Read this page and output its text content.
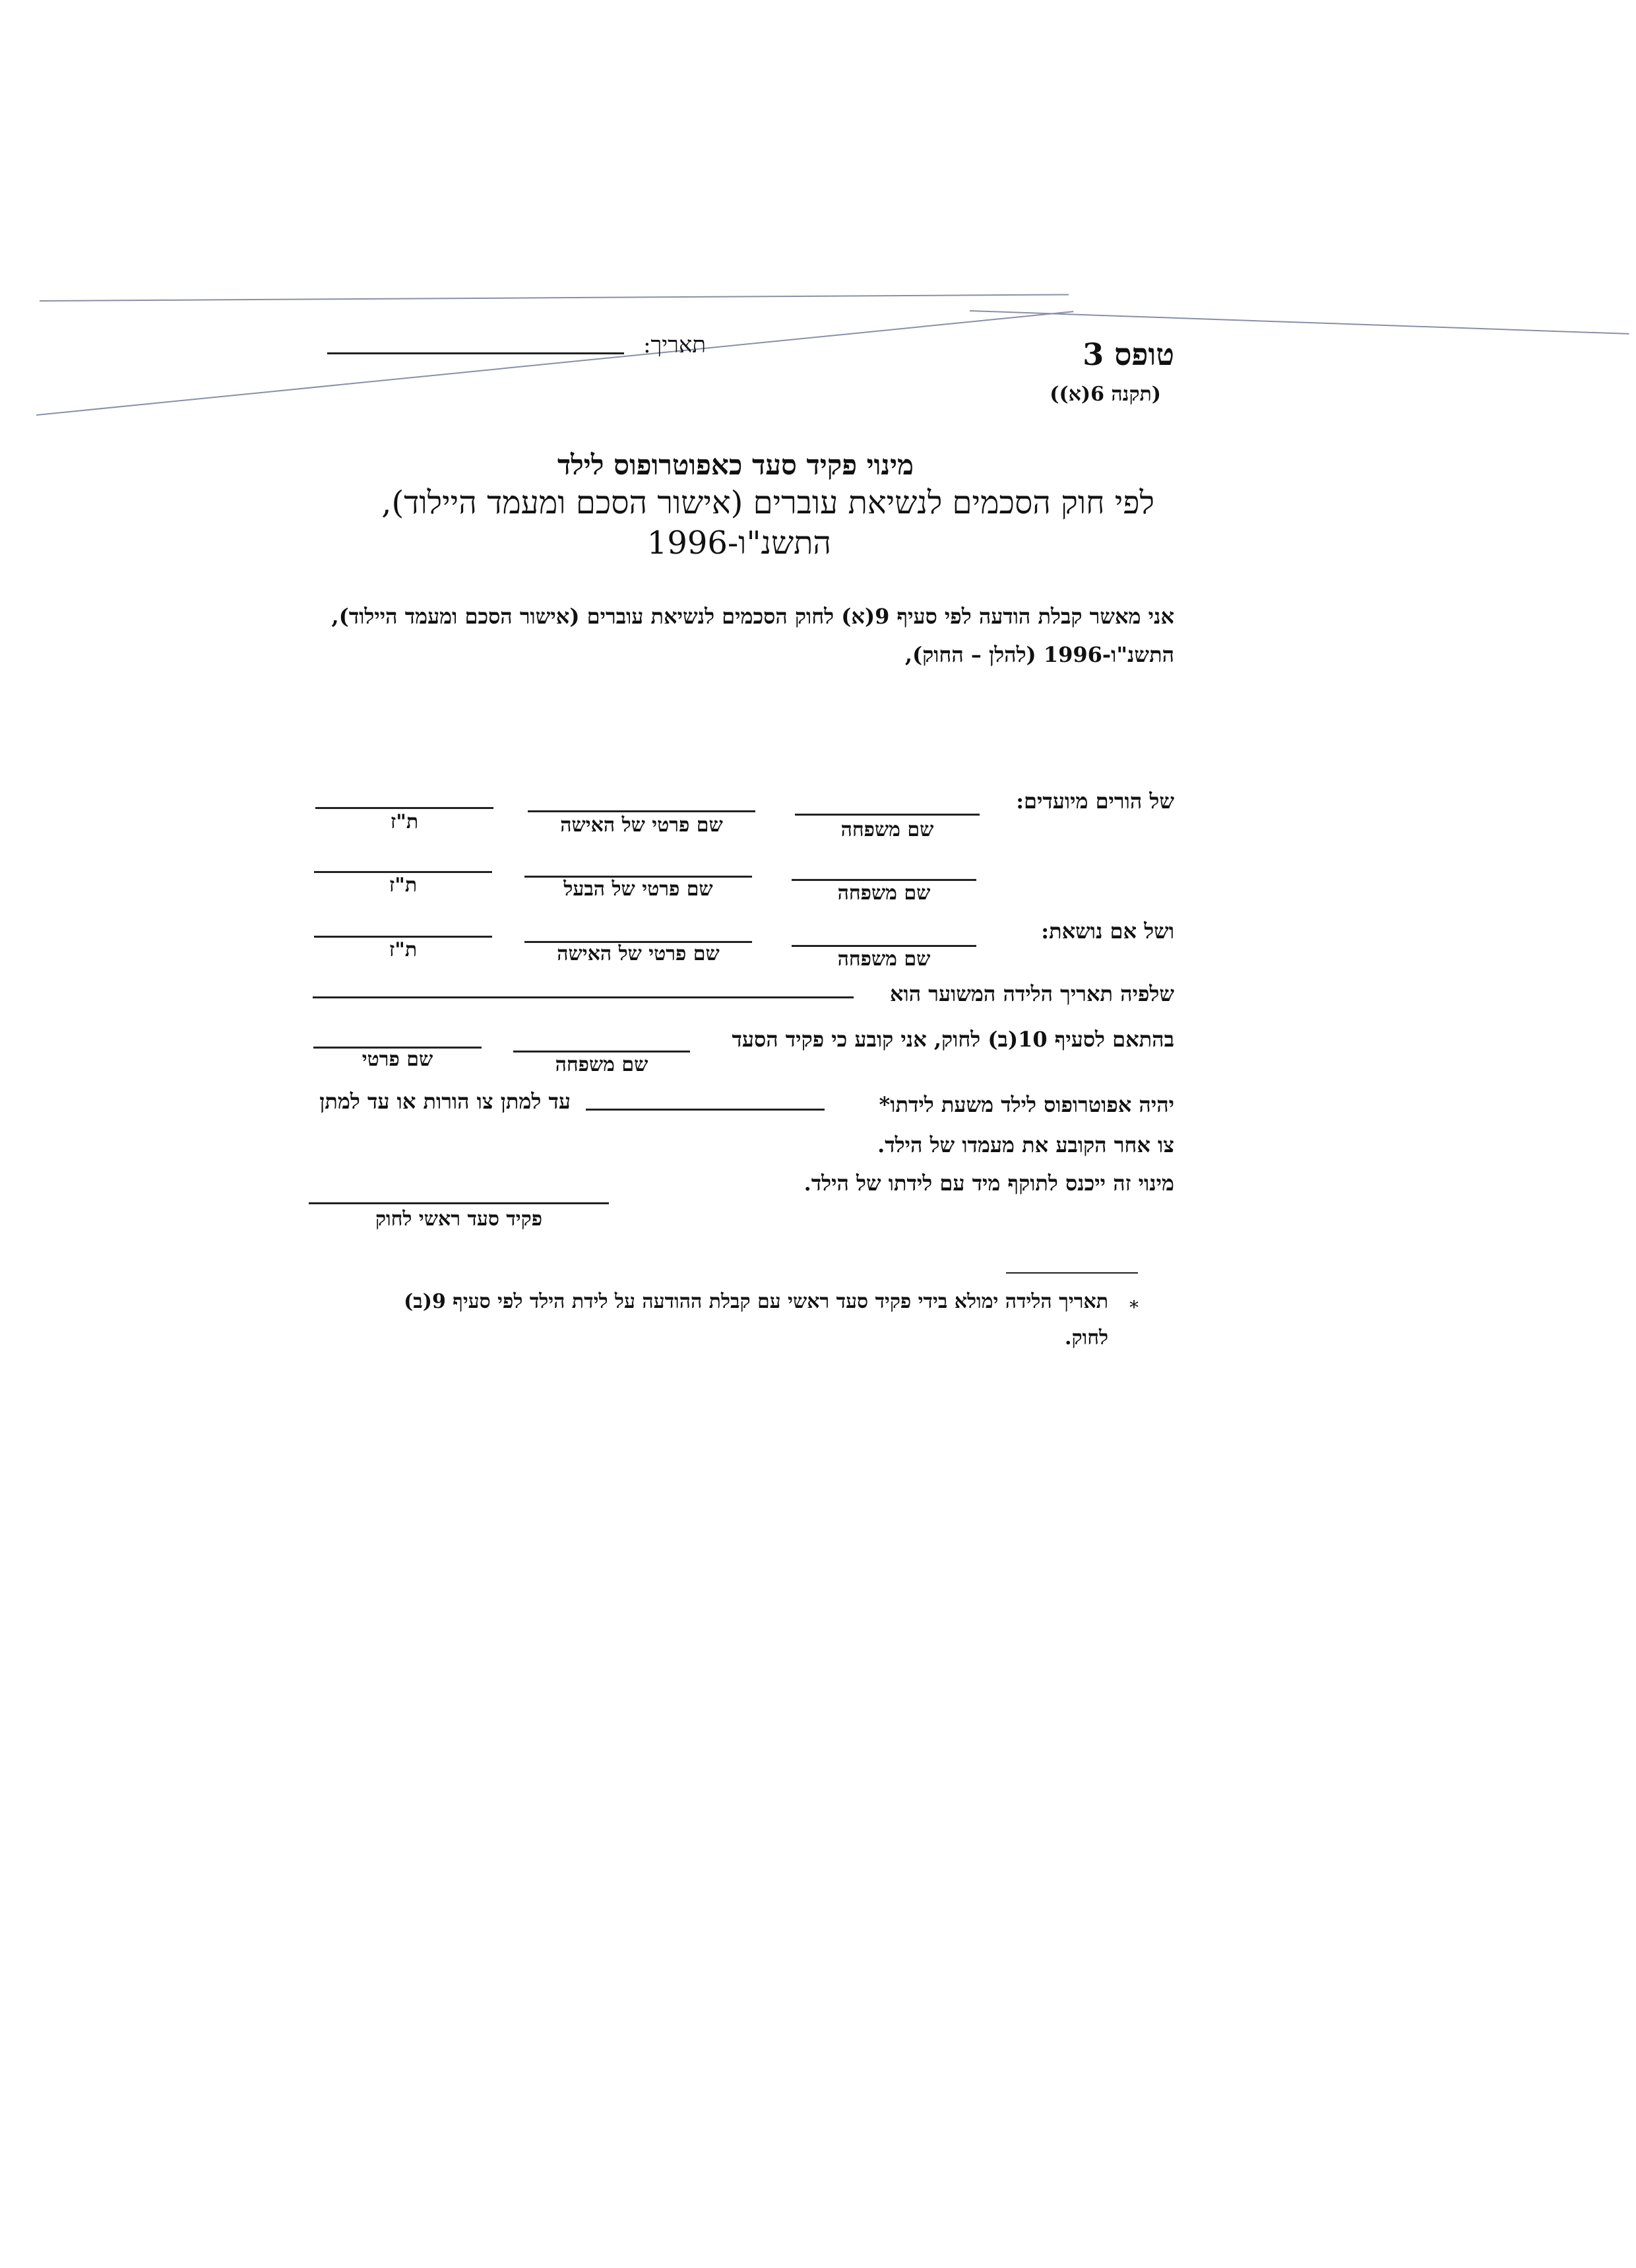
טופס 3
(תקנה 6(א))
תאריך:
מינוי פקיד סעד כאפוטרופוס לילד
לפי חוק הסכמים לנשיאת עוברים (אישור הסכם ומעמד היילוד),
התשנ"ו-1996
אני מאשר קבלת הודעה לפי סעיף 9(א) לחוק הסכמים לנשיאת עוברים (אישור הסכם ומעמד היילוד),
התשנ"ו-1996 (להלן – החוק),
של הורים מיועדים:
שם משפחה
שם פרטי של האישה
ת"ז
שם משפחה
שם פרטי של הבעל
ת"ז
ושל אם נושאת:
שם משפחה
שם פרטי של האישה
ת"ז
שלפיה תאריך הלידה המשוער הוא
בהתאם לסעיף 10(ב) לחוק, אני קובע כי פקיד הסעד
שם משפחה
שם פרטי
יהיה אפוטרופוס לילד משעת לידתו*
עד למתן צו הורות או עד למתן
צו אחר הקובע את מעמדו של הילד.
מינוי זה ייכנס לתוקף מיד עם לידתו של הילד.
פקיד סעד ראשי לחוק
*
תאריך הלידה ימולא בידי פקיד סעד ראשי עם קבלת ההודעה על לידת הילד לפי סעיף 9(ב)
לחוק.
